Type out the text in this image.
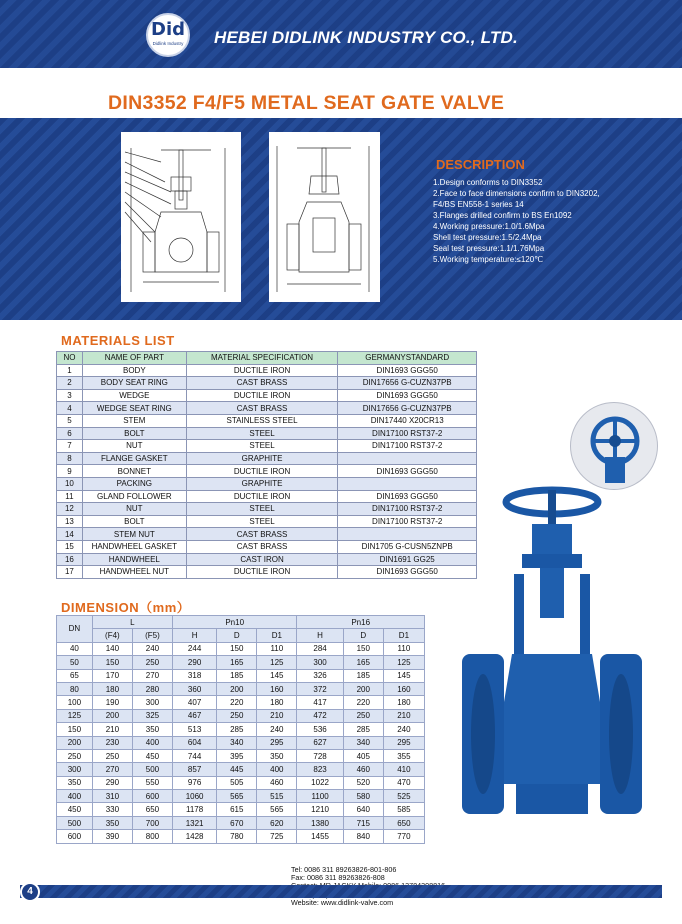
Did
Didlink Industry HEBEI DIDLINK INDUSTRY CO., LTD.
DIN3352 F4/F5 METAL SEAT GATE VALVE
DESCRIPTION
1.Design conforms to DIN3352
2.Face to face dimensions confirm to DIN3202,
F4/BS EN558-1 series 14
3.Flanges drilled confirm to BS En1092
4.Working pressure:1.0/1.6Mpa
Shell test pressure:1.5/2.4Mpa
Seal test pressure:1.1/1.76Mpa
5.Working temperature:≤120℃
MATERIALS LIST
NO	NAME OF PART	MATERIAL SPECIFICATION	GERMANYSTANDARD
1	BODY	DUCTILE IRON	DIN1693 GGG50
2	BODY SEAT RING	CAST BRASS	DIN17656 G-CUZN37PB
3	WEDGE	DUCTILE IRON	DIN1693 GGG50
4	WEDGE SEAT RING	CAST BRASS	DIN17656 G-CUZN37PB
5	STEM	STAINLESS STEEL	DIN17440 X20CR13
6	BOLT	STEEL	DIN17100 RST37-2
7	NUT	STEEL	DIN17100 RST37-2
8	FLANGE GASKET	GRAPHITE	
9	BONNET	DUCTILE IRON	DIN1693 GGG50
10	PACKING	GRAPHITE	
11	GLAND FOLLOWER	DUCTILE IRON	DIN1693 GGG50
12	NUT	STEEL	DIN17100 RST37-2
13	BOLT	STEEL	DIN17100 RST37-2
14	STEM NUT	CAST BRASS	
15	HANDWHEEL GASKET	CAST BRASS	DIN1705 G-CUSN5ZNPB
16	HANDWHEEL	CAST IRON	DIN1691 GG25
17	HANDWHEEL NUT	DUCTILE IRON	DIN1693 GGG50
DIMENSION（mm）
DN	L		Pn10			Pn16		
	(F4)	(F5)	H	D	D1	H	D	D1
40	140	240	244	150	110	284	150	110
50	150	250	290	165	125	300	165	125
65	170	270	318	185	145	326	185	145
80	180	280	360	200	160	372	200	160
100	190	300	407	220	180	417	220	180
125	200	325	467	250	210	472	250	210
150	210	350	513	285	240	536	285	240
200	230	400	604	340	295	627	340	295
250	250	450	744	395	350	728	405	355
300	270	500	857	445	400	823	460	410
350	290	550	976	505	460	1022	520	470
400	310	600	1060	565	515	1100	580	525
450	330	650	1178	615	565	1210	640	585
500	350	700	1321	670	620	1380	715	650
600	390	800	1428	780	725	1455	840	770
Tel: 0086 311 89263826-801-806
Fax: 0086 311 89263826-808
Website: www.didlink-valve.com
4
